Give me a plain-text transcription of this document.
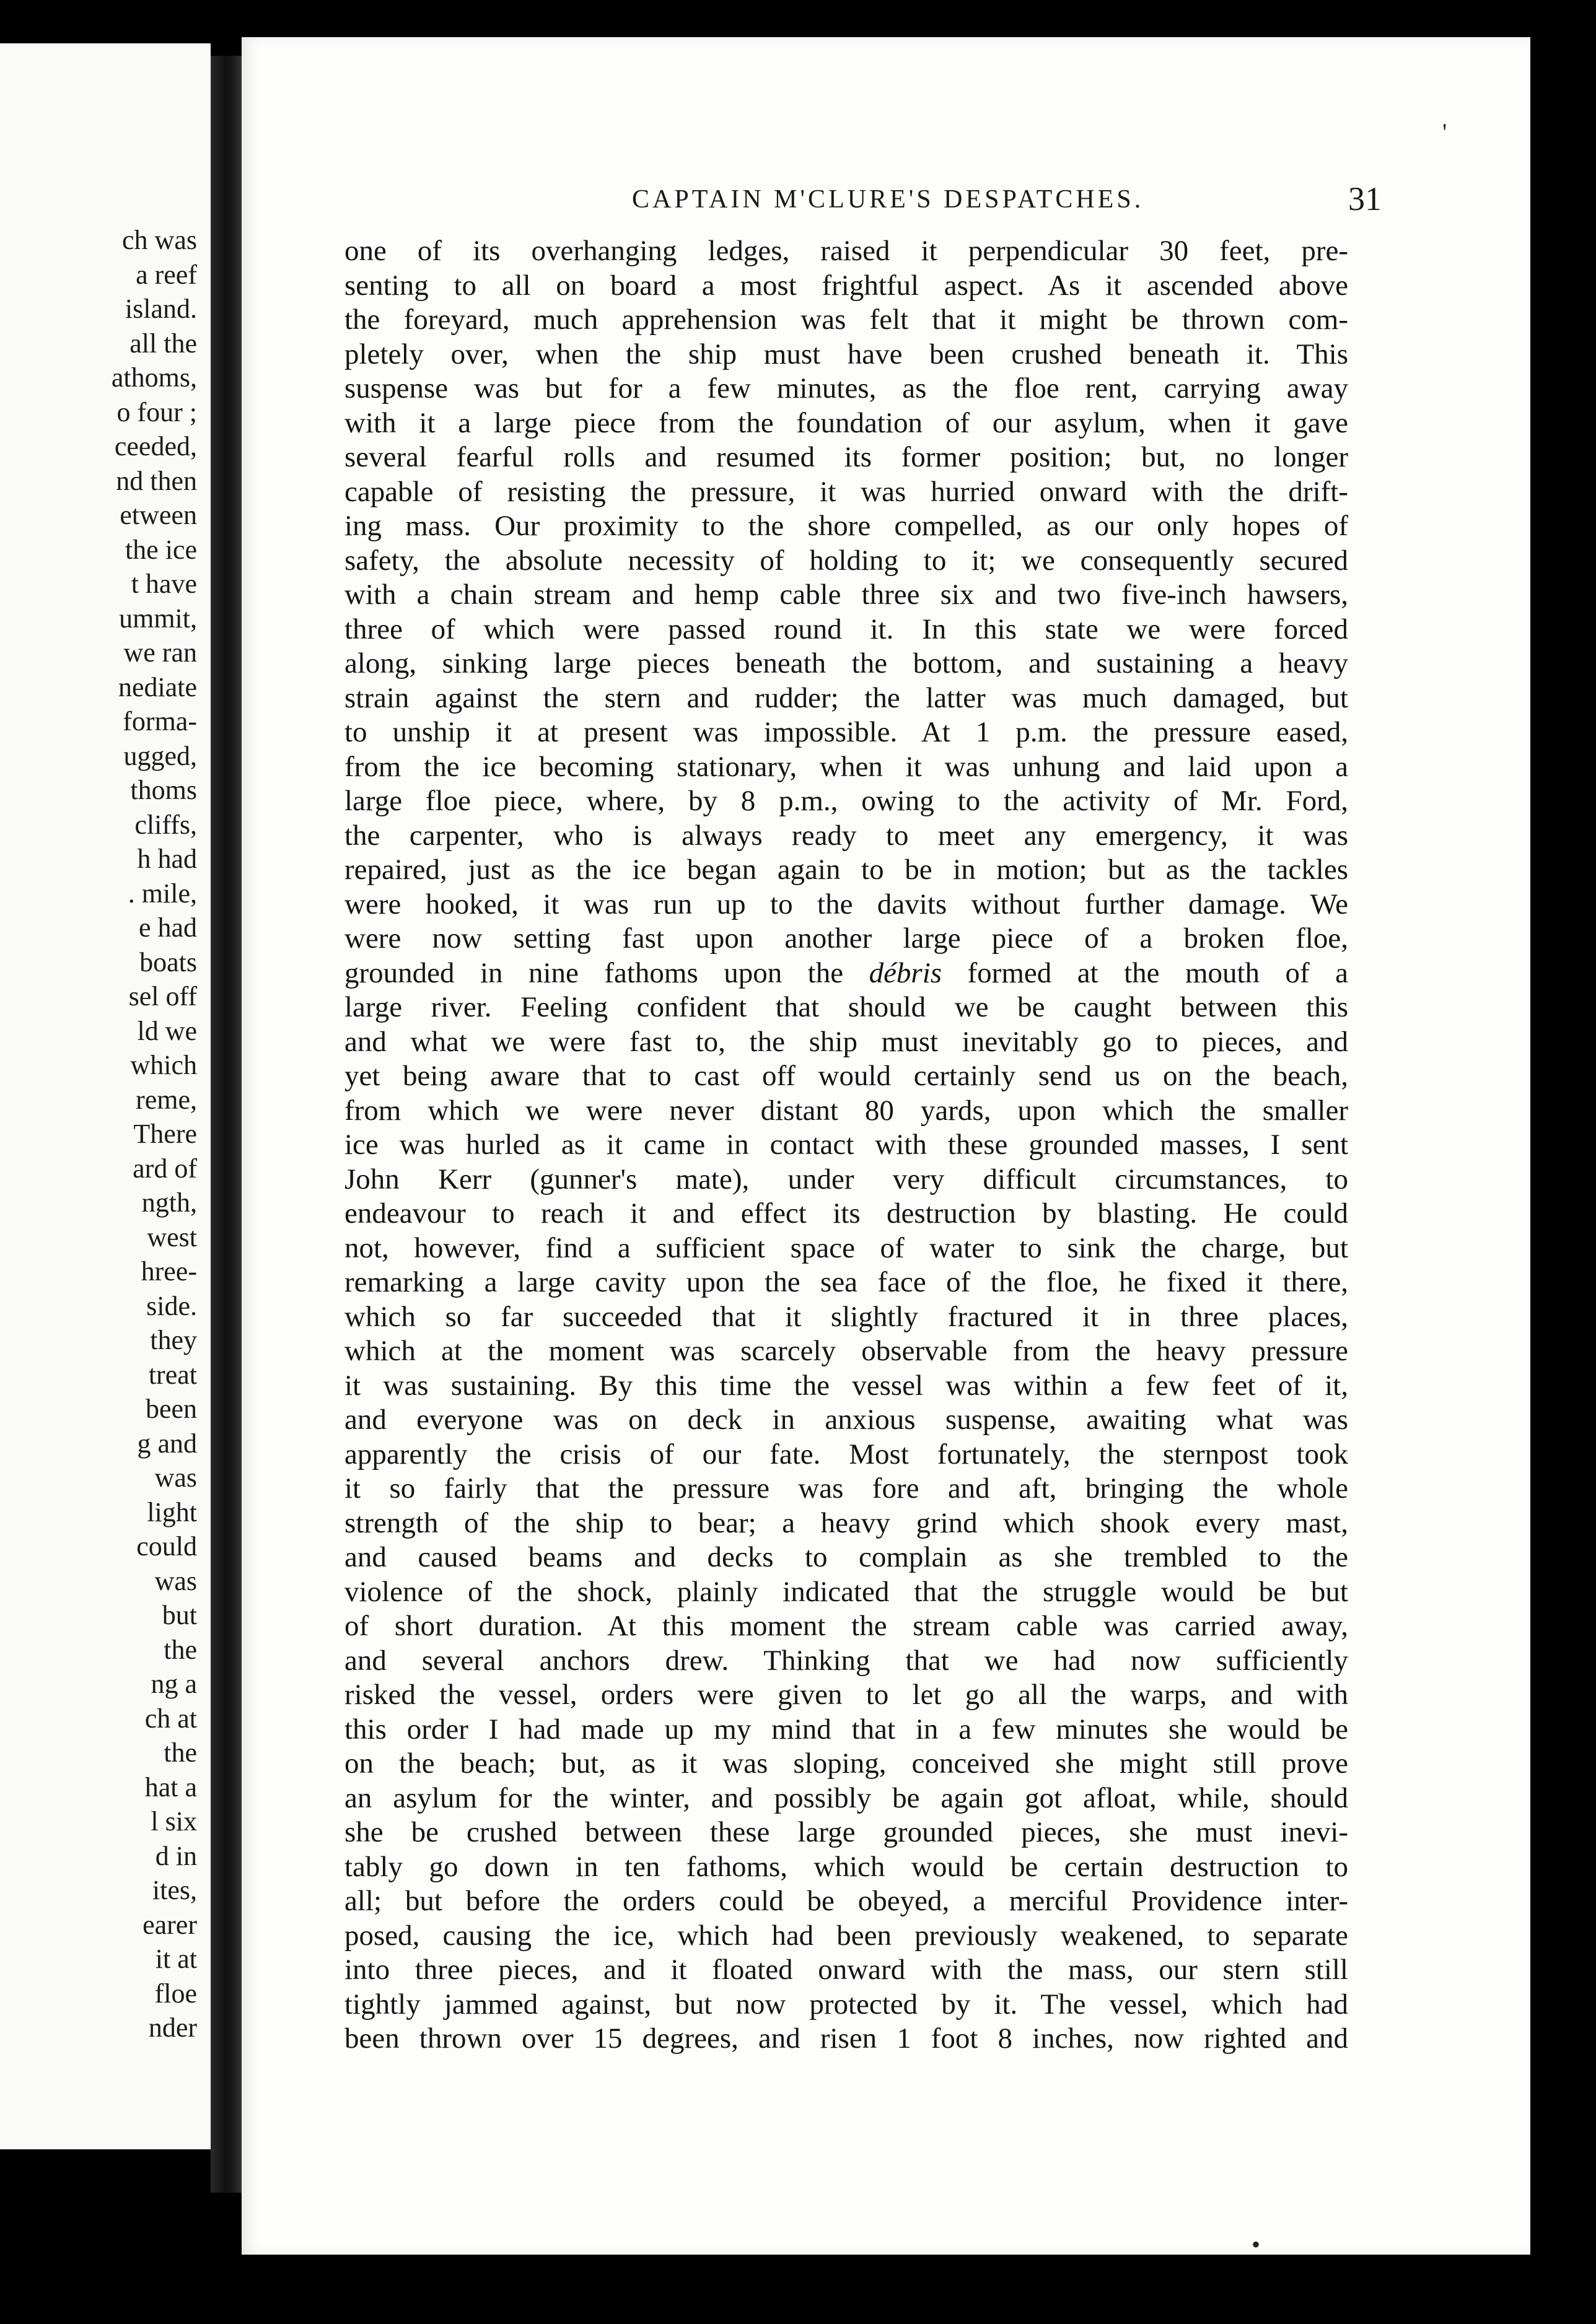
ch was
a reef
island.
all the
athoms,
o four ;
ceeded,
nd then
etween
the ice
t have
ummit,
we ran
nediate
forma-
ugged,
thoms
cliffs,
h had
. mile,
e had
boats
sel off
ld we
which
reme,
There
ard of
ngth,
west
hree-
side.
they
treat
been
g and
was
light
could
was
but
the
ng a
ch at
the
hat a
l six
d in
ites,
earer
it at
floe
nder
'
•
CAPTAIN M'CLURE'S DESPATCHES.	31
one of its overhanging ledges, raised it perpendicular 30 feet, pre-
senting to all on board a most frightful aspect. As it ascended above
the foreyard, much apprehension was felt that it might be thrown com-
pletely over, when the ship must have been crushed beneath it. This
suspense was but for a few minutes, as the floe rent, carrying away
with it a large piece from the foundation of our asylum, when it gave
several fearful rolls and resumed its former position; but, no longer
capable of resisting the pressure, it was hurried onward with the drift-
ing mass. Our proximity to the shore compelled, as our only hopes of
safety, the absolute necessity of holding to it; we consequently secured
with a chain stream and hemp cable three six and two five-inch hawsers,
three of which were passed round it. In this state we were forced
along, sinking large pieces beneath the bottom, and sustaining a heavy
strain against the stern and rudder; the latter was much damaged, but
to unship it at present was impossible. At 1 p.m. the pressure eased,
from the ice becoming stationary, when it was unhung and laid upon a
large floe piece, where, by 8 p.m., owing to the activity of Mr. Ford,
the carpenter, who is always ready to meet any emergency, it was
repaired, just as the ice began again to be in motion; but as the tackles
were hooked, it was run up to the davits without further damage. We
were now setting fast upon another large piece of a broken floe,
grounded in nine fathoms upon the débris formed at the mouth of a
large river. Feeling confident that should we be caught between this
and what we were fast to, the ship must inevitably go to pieces, and
yet being aware that to cast off would certainly send us on the beach,
from which we were never distant 80 yards, upon which the smaller
ice was hurled as it came in contact with these grounded masses, I sent
John Kerr (gunner's mate), under very difficult circumstances, to
endeavour to reach it and effect its destruction by blasting. He could
not, however, find a sufficient space of water to sink the charge, but
remarking a large cavity upon the sea face of the floe, he fixed it there,
which so far succeeded that it slightly fractured it in three places,
which at the moment was scarcely observable from the heavy pressure
it was sustaining. By this time the vessel was within a few feet of it,
and everyone was on deck in anxious suspense, awaiting what was
apparently the crisis of our fate. Most fortunately, the sternpost took
it so fairly that the pressure was fore and aft, bringing the whole
strength of the ship to bear; a heavy grind which shook every mast,
and caused beams and decks to complain as she trembled to the
violence of the shock, plainly indicated that the struggle would be but
of short duration. At this moment the stream cable was carried away,
and several anchors drew. Thinking that we had now sufficiently
risked the vessel, orders were given to let go all the warps, and with
this order I had made up my mind that in a few minutes she would be
on the beach; but, as it was sloping, conceived she might still prove
an asylum for the winter, and possibly be again got afloat, while, should
she be crushed between these large grounded pieces, she must inevi-
tably go down in ten fathoms, which would be certain destruction to
all; but before the orders could be obeyed, a merciful Providence inter-
posed, causing the ice, which had been previously weakened, to separate
into three pieces, and it floated onward with the mass, our stern still
tightly jammed against, but now protected by it. The vessel, which had
been thrown over 15 degrees, and risen 1 foot 8 inches, now righted and
